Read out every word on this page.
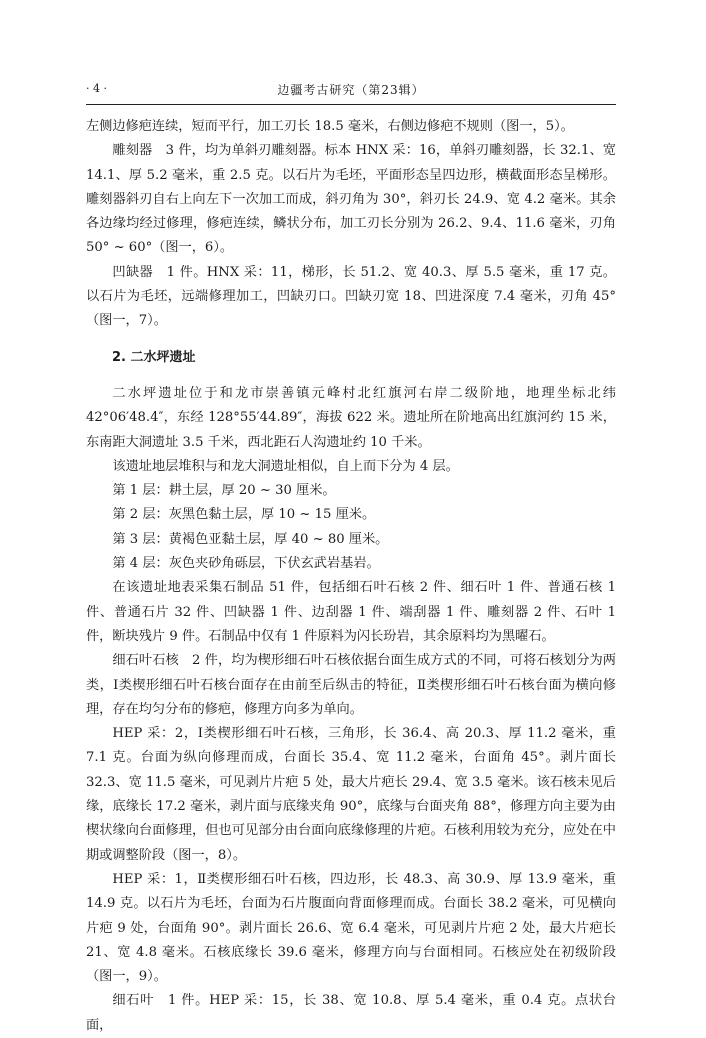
· 4 ·	边疆考古研究（第23辑）

左侧边修疤连续，短而平行，加工刃长 18.5 毫米，右侧边修疤不规则（图一，5）。

雕刻器　3 件，均为单斜刃雕刻器。标本 HNX 采：16，单斜刃雕刻器，长 32.1、宽 14.1、厚 5.2 毫米，重 2.5 克。以石片为毛坯，平面形态呈四边形，横截面形态呈梯形。雕刻器斜刃自右上向左下一次加工而成，斜刃角为 30°，斜刃长 24.9、宽 4.2 毫米。其余各边缘均经过修理，修疤连续，鳞状分布，加工刃长分别为 26.2、9.4、11.6 毫米，刃角 50° ~ 60°（图一，6）。

凹缺器　1 件。HNX 采：11，梯形，长 51.2、宽 40.3、厚 5.5 毫米，重 17 克。以石片为毛坯，远端修理加工，凹缺刃口。凹缺刃宽 18、凹进深度 7.4 毫米，刃角 45°（图一，7）。

2. 二水坪遗址

二水坪遗址位于和龙市崇善镇元峰村北红旗河右岸二级阶地，地理坐标北纬 42°06′48.4″，东经 128°55′44.89″，海拔 622 米。遗址所在阶地高出红旗河约 15 米，东南距大洞遗址 3.5 千米，西北距石人沟遗址约 10 千米。

该遗址地层堆积与和龙大洞遗址相似，自上而下分为 4 层。

第 1 层：耕土层，厚 20 ~ 30 厘米。

第 2 层：灰黑色黏土层，厚 10 ~ 15 厘米。

第 3 层：黄褐色亚黏土层，厚 40 ~ 80 厘米。

第 4 层：灰色夹砂角砾层，下伏玄武岩基岩。

在该遗址地表采集石制品 51 件，包括细石叶石核 2 件、细石叶 1 件、普通石核 1 件、普通石片 32 件、凹缺器 1 件、边刮器 1 件、端刮器 1 件、雕刻器 2 件、石叶 1 件，断块残片 9 件。石制品中仅有 1 件原料为闪长玢岩，其余原料均为黑曜石。

细石叶石核　2 件，均为楔形细石叶石核依据台面生成方式的不同，可将石核划分为两类，Ⅰ类楔形细石叶石核台面存在由前至后纵击的特征，Ⅱ类楔形细石叶石核台面为横向修理，存在均匀分布的修疤，修理方向多为单向。

HEP 采：2，Ⅰ类楔形细石叶石核，三角形，长 36.4、高 20.3、厚 11.2 毫米，重 7.1 克。台面为纵向修理而成，台面长 35.4、宽 11.2 毫米，台面角 45°。剥片面长 32.3、宽 11.5 毫米，可见剥片片疤 5 处，最大片疤长 29.4、宽 3.5 毫米。该石核未见后缘，底缘长 17.2 毫米，剥片面与底缘夹角 90°，底缘与台面夹角 88°，修理方向主要为由楔状缘向台面修理，但也可见部分由台面向底缘修理的片疤。石核利用较为充分，应处在中期或调整阶段（图一，8）。

HEP 采：1，Ⅱ类楔形细石叶石核，四边形，长 48.3、高 30.9、厚 13.9 毫米，重 14.9 克。以石片为毛坯，台面为石片腹面向背面修理而成。台面长 38.2 毫米，可见横向片疤 9 处，台面角 90°。剥片面长 26.6、宽 6.4 毫米，可见剥片片疤 2 处，最大片疤长 21、宽 4.8 毫米。石核底缘长 39.6 毫米，修理方向与台面相同。石核应处在初级阶段（图一，9）。

细石叶　1 件。HEP 采：15，长 38、宽 10.8、厚 5.4 毫米，重 0.4 克。点状台面，
